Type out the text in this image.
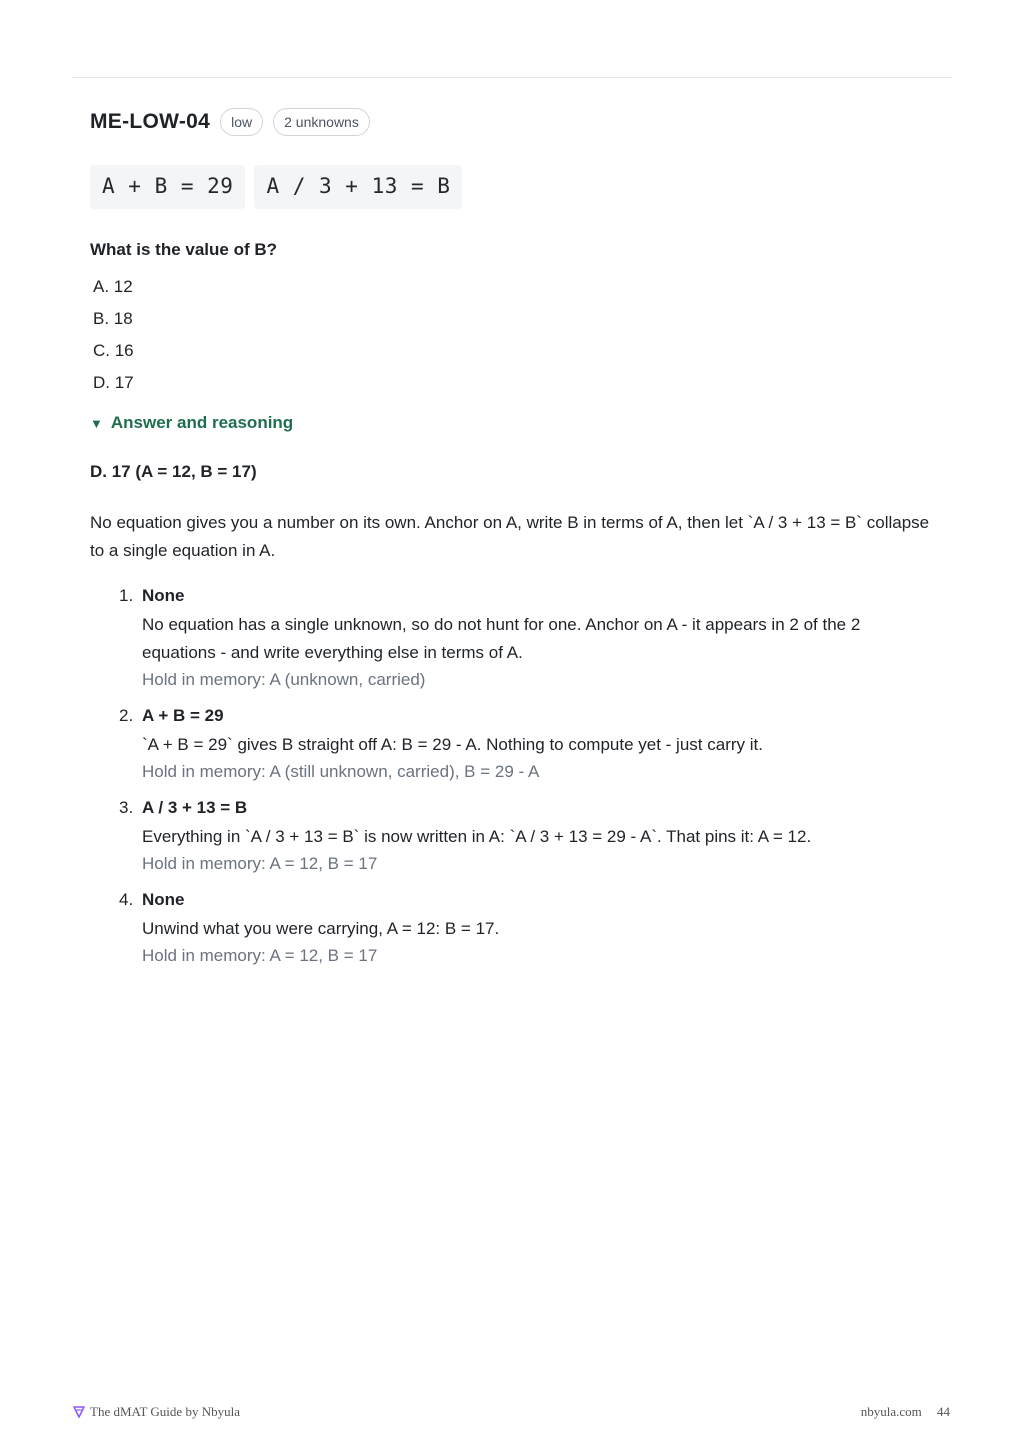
ME-LOW-04	low	2 unknowns
A + B = 29	A / 3 + 13 = B
What is the value of B?
A. 12
B. 18
C. 16
D. 17
▼ Answer and reasoning
D. 17 (A = 12, B = 17)
No equation gives you a number on its own. Anchor on A, write B in terms of A, then let `A / 3 + 13 = B` collapse to a single equation in A.
1. None
No equation has a single unknown, so do not hunt for one. Anchor on A - it appears in 2 of the 2 equations - and write everything else in terms of A.
Hold in memory: A (unknown, carried)
2. A + B = 29
`A + B = 29` gives B straight off A: B = 29 - A. Nothing to compute yet - just carry it.
Hold in memory: A (still unknown, carried), B = 29 - A
3. A / 3 + 13 = B
Everything in `A / 3 + 13 = B` is now written in A: `A / 3 + 13 = 29 - A`. That pins it: A = 12.
Hold in memory: A = 12, B = 17
4. None
Unwind what you were carrying, A = 12: B = 17.
Hold in memory: A = 12, B = 17
The dMAT Guide by Nbyula	nbyula.com 44
